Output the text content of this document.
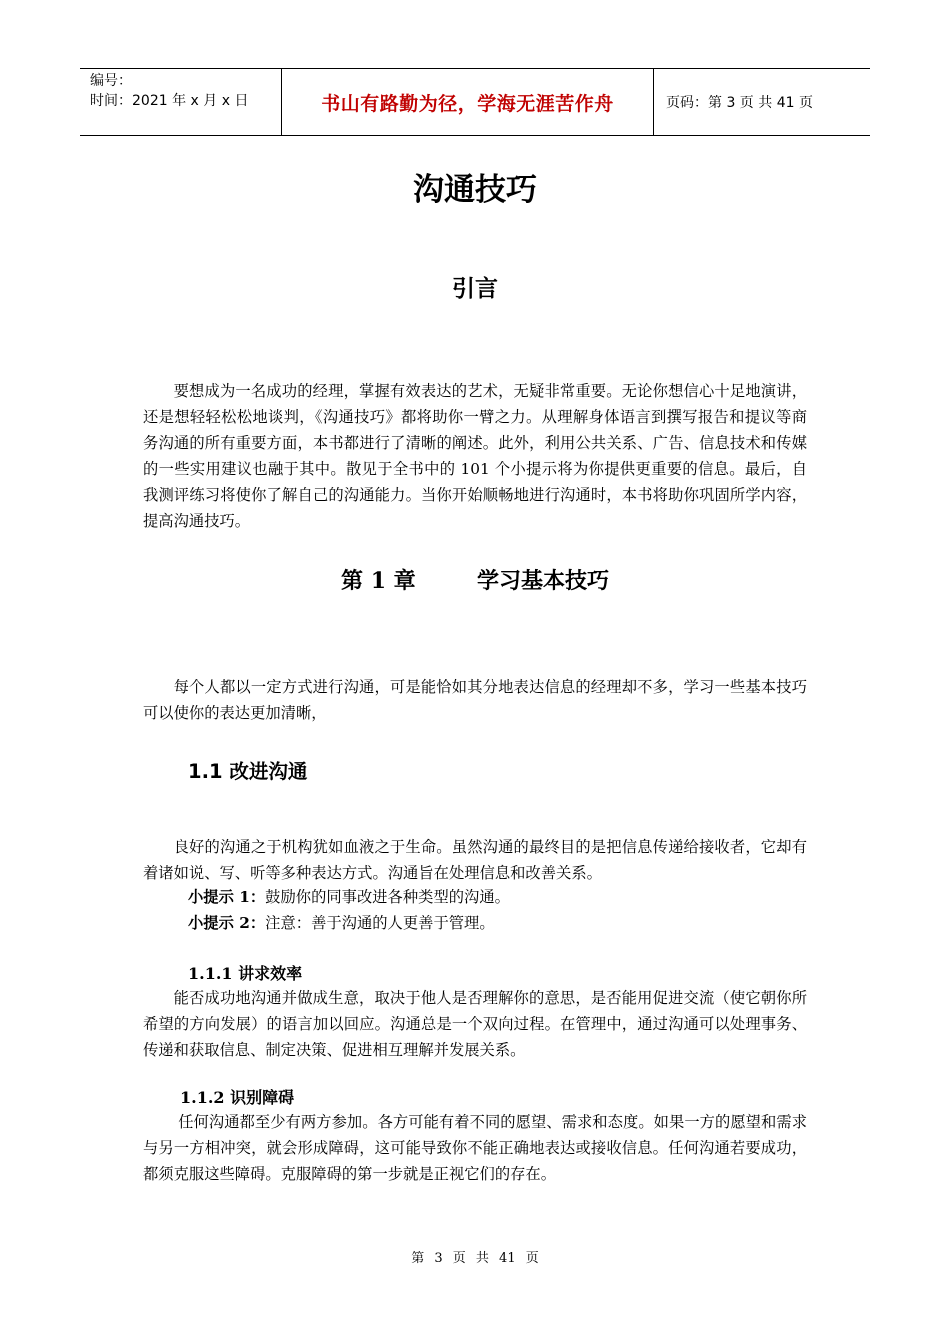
编号：
时间：2021 年 x 月 x 日	书山有路勤为径，学海无涯苦作舟	页码：第 3 页 共 41 页
沟通技巧
引言

要想成为一名成功的经理，掌握有效表达的艺术，无疑非常重要。无论你想信心十足地演讲，还是想轻轻松松地谈判，《沟通技巧》都将助你一臂之力。从理解身体语言到撰写报告和提议等商务沟通的所有重要方面，本书都进行了清晰的阐述。此外，利用公共关系、广告、信息技术和传媒的一些实用建议也融于其中。散见于全书中的 101 个小提示将为你提供更重要的信息。最后，自我测评练习将使你了解自己的沟通能力。当你开始顺畅地进行沟通时，本书将助你巩固所学内容，提高沟通技巧。

第 1 章        学习基本技巧

每个人都以一定方式进行沟通，可是能恰如其分地表达信息的经理却不多，学习一些基本技巧可以使你的表达更加清晰，

1.1 改进沟通

良好的沟通之于机构犹如血液之于生命。虽然沟通的最终目的是把信息传递给接收者，它却有着诸如说、写、听等多种表达方式。沟通旨在处理信息和改善关系。

小提示 1：鼓励你的同事改进各种类型的沟通。

小提示 2：注意：善于沟通的人更善于管理。

1.1.1 讲求效率

能否成功地沟通并做成生意，取决于他人是否理解你的意思，是否能用促进交流（使它朝你所希望的方向发展）的语言加以回应。沟通总是一个双向过程。在管理中，通过沟通可以处理事务、传递和获取信息、制定决策、促进相互理解并发展关系。

1.1.2 识别障碍

任何沟通都至少有两方参加。各方可能有着不同的愿望、需求和态度。如果一方的愿望和需求与另一方相冲突，就会形成障碍，这可能导致你不能正确地表达或接收信息。任何沟通若要成功，都须克服这些障碍。克服障碍的第一步就是正视它们的存在。

第 3 页 共 41 页
